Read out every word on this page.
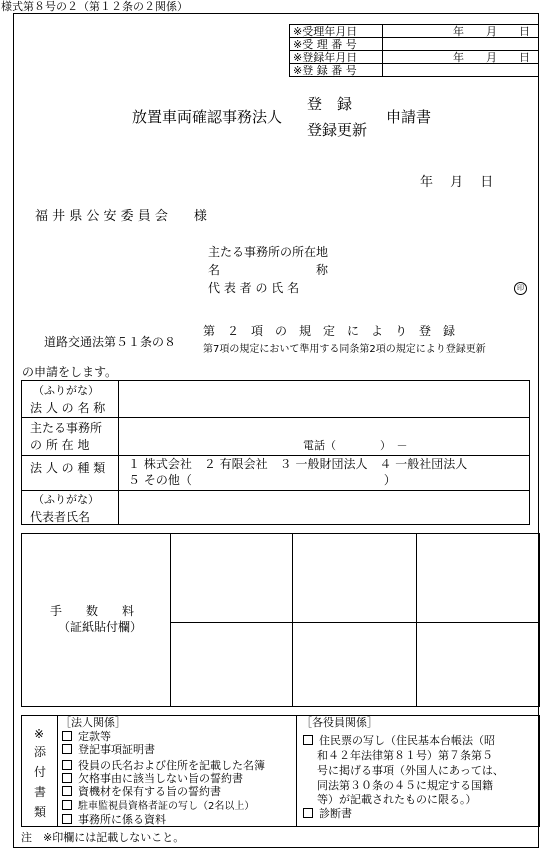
様式第８号の２（第１２条の２関係）
※受理年月日	年　　月　　日
※受 理 番 号	
※登録年月日	年　　月　　日
※登 録 番 号	
放置車両確認事務法人
登　録
登録更新
申請書
年　 月　 日
福 井 県 公 安 委 員 会　　様
主たる事務所の所在地
名　　　　　　　　称
代 表 者 の 氏 名	印
道路交通法第５１条の８
第　２　項　の　規　定　に　よ　り　登　録
第7項の規定において準用する同条第2項の規定により登録更新
の申請をします。
（ふりがな）
法 人 の 名 称
主たる事務所
の 所 在 地	電話（　　　　）　－
法 人 の 種 類 １ 株式会社　２ 有限会社　３ 一般財団法人　４ 一般社団法人
５ その他（　　　　　　　　　　　　　　　　）
（ふりがな）
代表者氏名
手　　数　　料
（証紙貼付欄）
※
添
付
書
類
［法人関係］
定款等
登記事項証明書
役員の氏名および住所を記載した名簿
欠格事由に該当しない旨の誓約書
資機材を保有する旨の誓約書
駐車監視員資格者証の写し（2名以上）
事務所に係る資料
［各役員関係］
住民票の写し（住民基本台帳法（昭
和４２年法律第８１号）第７条第５
号に掲げる事項（外国人にあっては、
同法第３０条の４５に規定する国籍
等）が記載されたものに限る。）
診断書
注　※印欄には記載しないこと。
